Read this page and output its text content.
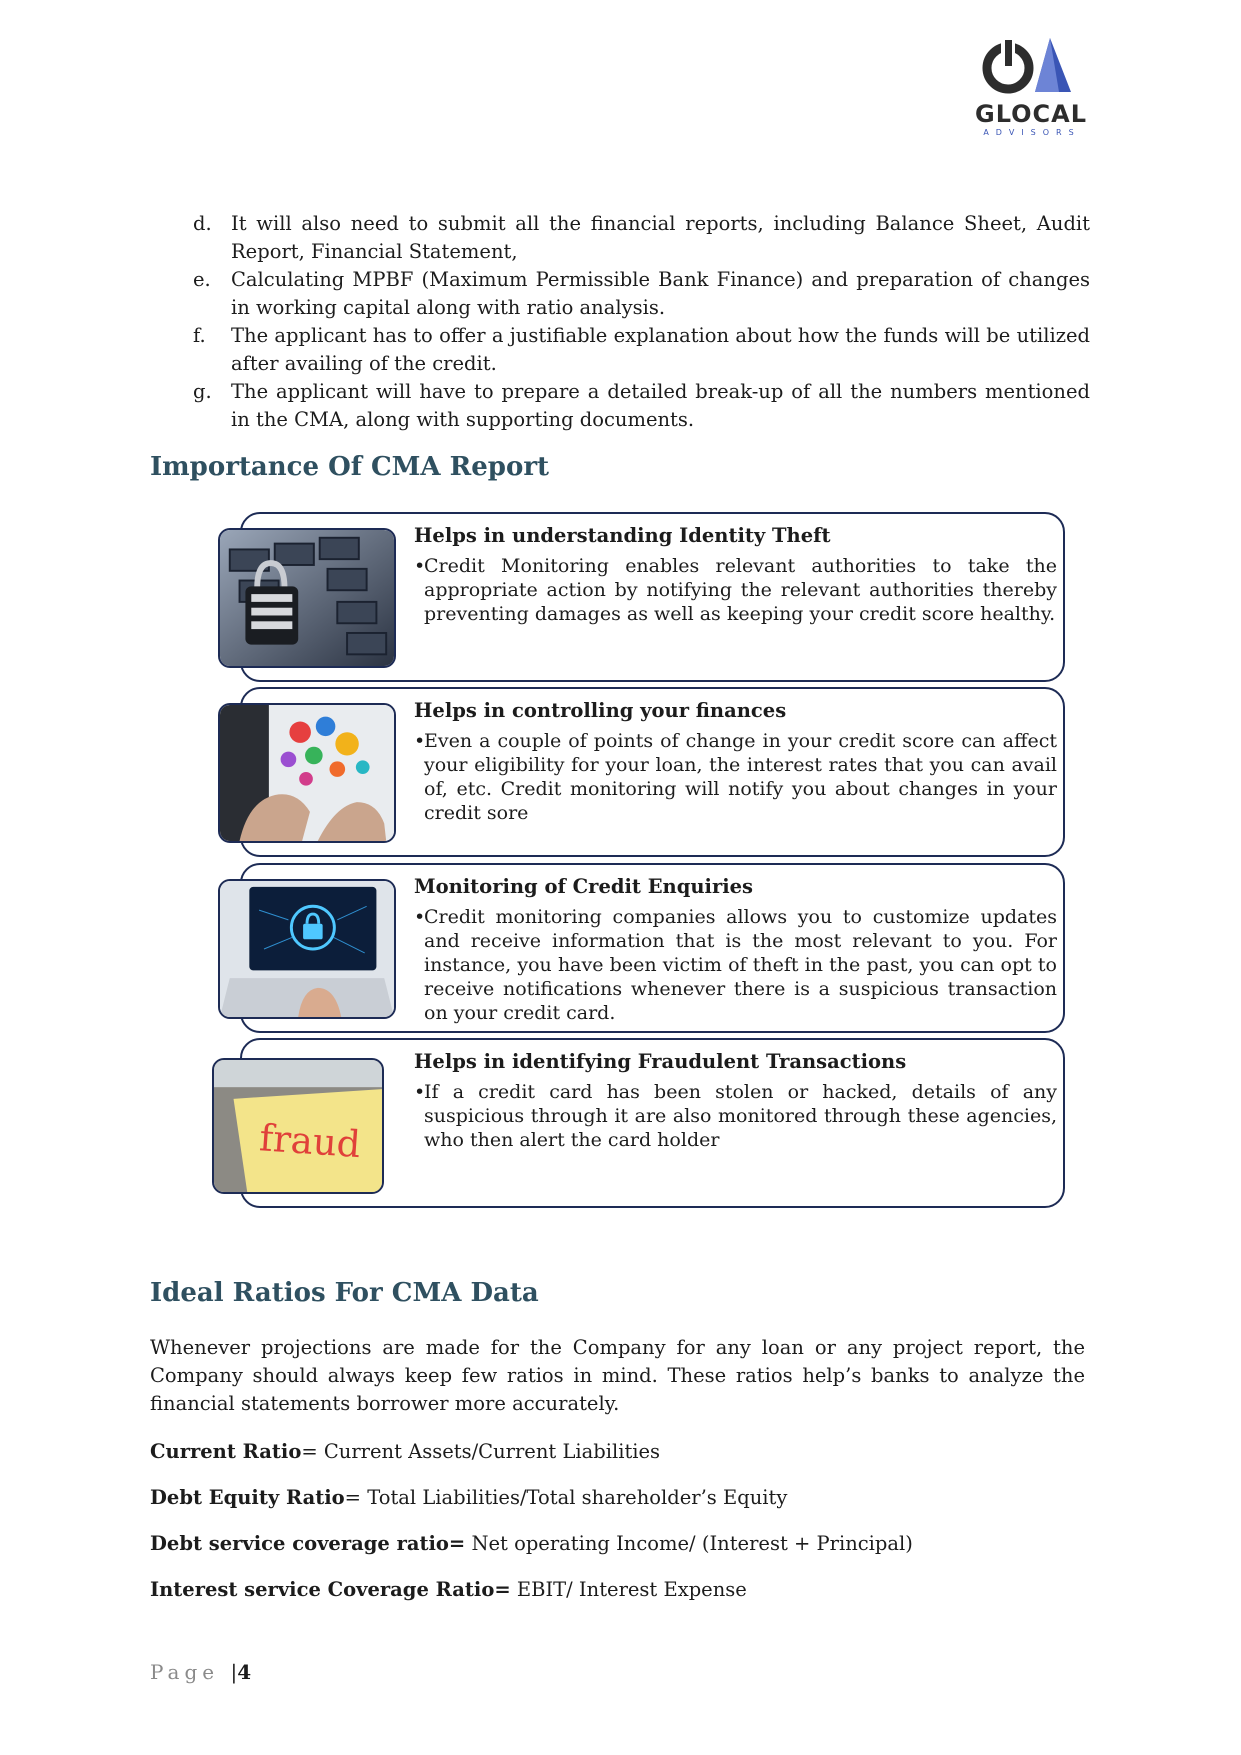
GLOCAL
ADVISORS
d. It will also need to submit all the financial reports, including Balance Sheet, Audit Report, Financial Statement,
e. Calculating MPBF (Maximum Permissible Bank Finance) and preparation of changes in working capital along with ratio analysis.
f. The applicant has to offer a justifiable explanation about how the funds will be utilized after availing of the credit.
g. The applicant will have to prepare a detailed break-up of all the numbers mentioned in the CMA, along with supporting documents.
Importance Of CMA Report
Helps in understanding Identity Theft
•
Credit Monitoring enables relevant authorities to take the appropriate action by notifying the relevant authorities thereby preventing damages as well as keeping your credit score healthy.
Helps in controlling your finances
•
Even a couple of points of change in your credit score can affect your eligibility for your loan, the interest rates that you can avail of, etc. Credit monitoring will notify you about changes in your credit sore
Monitoring of Credit Enquiries
•
Credit monitoring companies allows you to customize updates and receive information that is the most relevant to you. For instance, you have been victim of theft in the past, you can opt to receive notifications whenever there is a suspicious transaction on your credit card.
Helps in identifying Fraudulent Transactions
•
If a credit card has been stolen or hacked, details of any suspicious through it are also monitored through these agencies, who then alert the card holder
fraud
Ideal Ratios For CMA Data

Whenever projections are made for the Company for any loan or any project report, the Company should always keep few ratios in mind. These ratios help’s banks to analyze the financial statements borrower more accurately.

Current Ratio= Current Assets/Current Liabilities

Debt Equity Ratio= Total Liabilities/Total shareholder’s Equity

Debt service coverage ratio= Net operating Income/ (Interest + Principal)

Interest service Coverage Ratio= EBIT/ Interest Expense

Page |4
